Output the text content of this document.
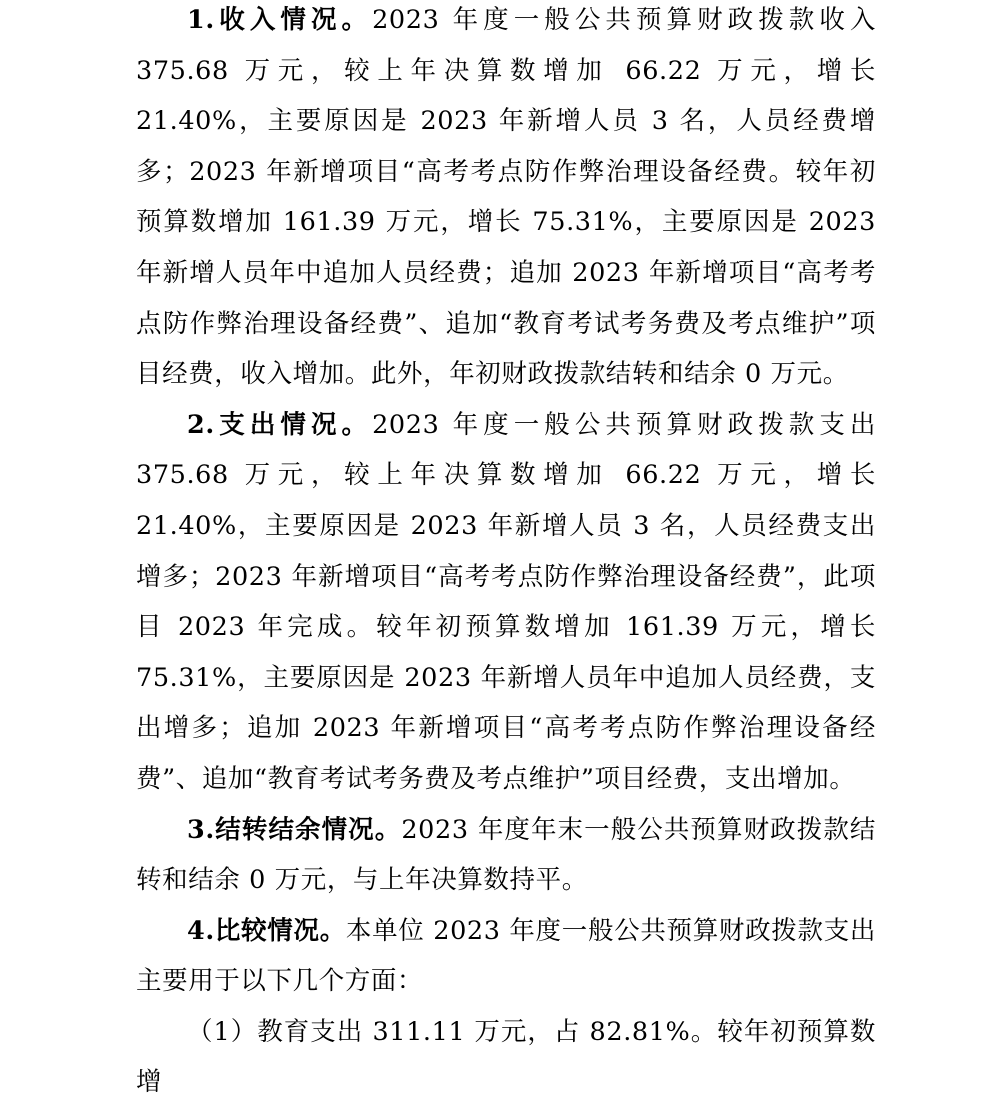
1.收入情况。2023 年度一般公共预算财政拨款收入 375.68 万元，较上年决算数增加 66.22 万元，增长 21.40%，主要原因是 2023 年新增人员 3 名，人员经费增多；2023 年新增项目“高考考点防作弊治理设备经费。较年初预算数增加 161.39 万元，增长 75.31%，主要原因是 2023 年新增人员年中追加人员经费；追加 2023 年新增项目“高考考点防作弊治理设备经费”、追加“教育考试考务费及考点维护”项目经费，收入增加。此外，年初财政拨款结转和结余 0 万元。

2.支出情况。2023 年度一般公共预算财政拨款支出 375.68 万元，较上年决算数增加 66.22 万元，增长 21.40%，主要原因是 2023 年新增人员 3 名，人员经费支出增多；2023 年新增项目“高考考点防作弊治理设备经费”，此项目 2023 年完成。较年初预算数增加 161.39 万元，增长 75.31%，主要原因是 2023 年新增人员年中追加人员经费，支出增多；追加 2023 年新增项目“高考考点防作弊治理设备经费”、追加“教育考试考务费及考点维护”项目经费，支出增加。

3.结转结余情况。2023 年度年末一般公共预算财政拨款结转和结余 0 万元，与上年决算数持平。

4.比较情况。本单位 2023 年度一般公共预算财政拨款支出主要用于以下几个方面：

（1）教育支出 311.11 万元，占 82.81%。较年初预算数增
